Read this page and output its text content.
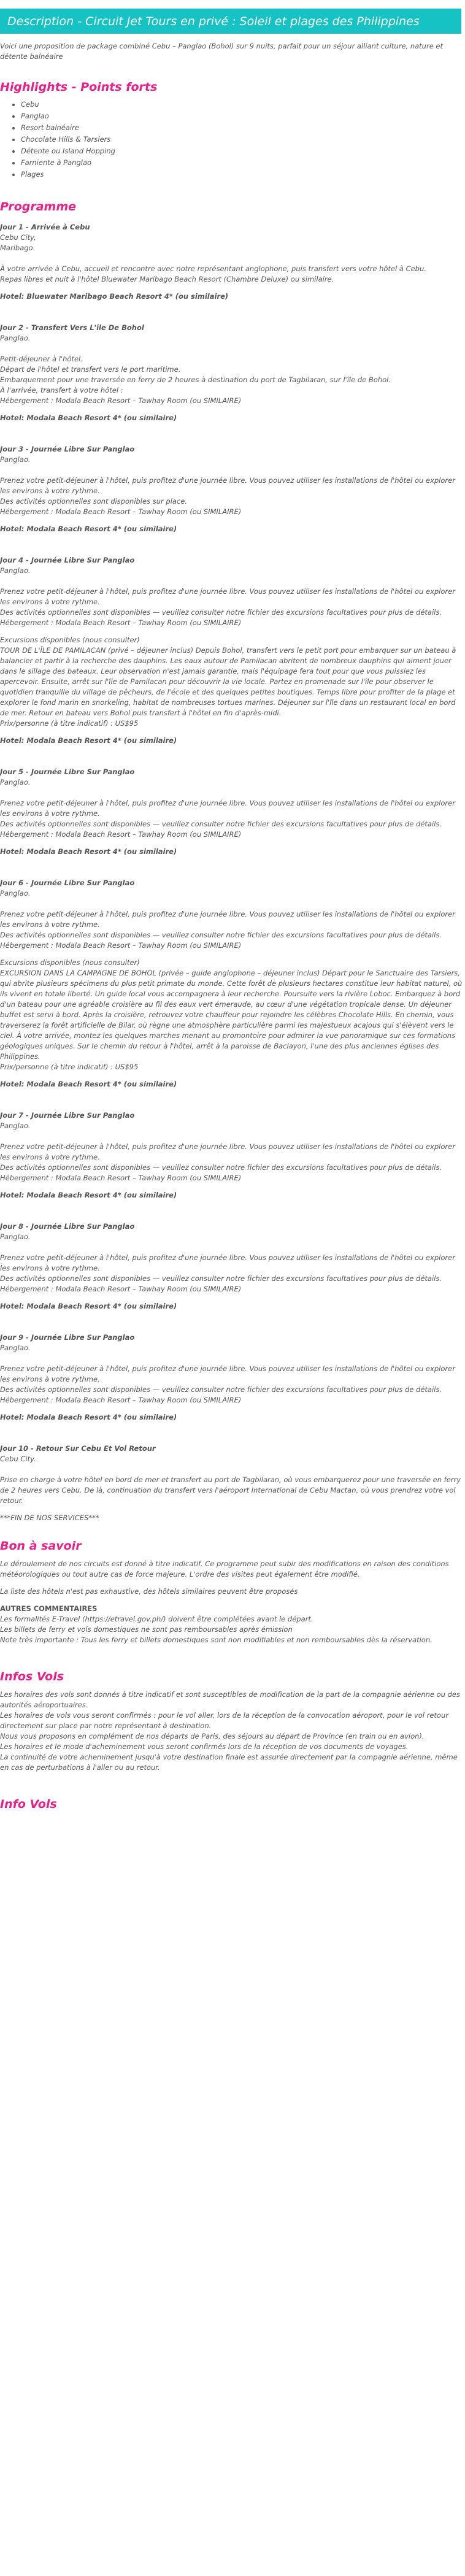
Description - Circuit Jet Tours en privé : Soleil et plages des Philippines

Voici une proposition de package combiné Cebu – Panglao (Bohol) sur 9 nuits, parfait pour un séjour alliant culture, nature et détente balnéaire

Highlights - Points forts
• Cebu
• Panglao
• Resort balnéaire
• Chocolate Hills & Tarsiers
• Détente ou Island Hopping
• Farniente à Panglao
• Plages
Programme

Jour 1 - Arrivée à Cebu

Cebu City,

Maribago.

À votre arrivée à Cebu, accueil et rencontre avec notre représentant anglophone, puis transfert vers votre hôtel à Cebu.

Repas libres et nuit à l'hôtel Bluewater Maribago Beach Resort (Chambre Deluxe) ou similaire.

Hotel: Bluewater Maribago Beach Resort 4* (ou similaire)

Jour 2 - Transfert Vers L'île De Bohol

Panglao.

Petit-déjeuner à l'hôtel.

Départ de l'hôtel et transfert vers le port maritime.

Embarquement pour une traversée en ferry de 2 heures à destination du port de Tagbilaran, sur l'île de Bohol.

À l'arrivée, transfert à votre hôtel :

Hébergement : Modala Beach Resort – Tawhay Room (ou SIMILAIRE)

Hotel: Modala Beach Resort 4* (ou similaire)

Jour 3 - Journée Libre Sur Panglao

Panglao.

Prenez votre petit-déjeuner à l'hôtel, puis profitez d'une journée libre. Vous pouvez utiliser les installations de l'hôtel ou explorer les environs à votre rythme.

Des activités optionnelles sont disponibles sur place.

Hébergement : Modala Beach Resort – Tawhay Room (ou SIMILAIRE)

Hotel: Modala Beach Resort 4* (ou similaire)

Jour 4 - Journée Libre Sur Panglao

Panglao.

Prenez votre petit-déjeuner à l'hôtel, puis profitez d'une journée libre. Vous pouvez utiliser les installations de l'hôtel ou explorer les environs à votre rythme.

Des activités optionnelles sont disponibles — veuillez consulter notre fichier des excursions facultatives pour plus de détails.

Hébergement : Modala Beach Resort – Tawhay Room (ou SIMILAIRE)

Excursions disponibles (nous consulter)

TOUR DE L'ÎLE DE PAMILACAN (privé – déjeuner inclus) Depuis Bohol, transfert vers le petit port pour embarquer sur un bateau à balancier et partir à la recherche des dauphins. Les eaux autour de Pamilacan abritent de nombreux dauphins qui aiment jouer dans le sillage des bateaux. Leur observation n'est jamais garantie, mais l'équipage fera tout pour que vous puissiez les apercevoir. Ensuite, arrêt sur l'île de Pamilacan pour découvrir la vie locale. Partez en promenade sur l'île pour observer le quotidien tranquille du village de pêcheurs, de l'école et des quelques petites boutiques. Temps libre pour profiter de la plage et explorer le fond marin en snorkeling, habitat de nombreuses tortues marines. Déjeuner sur l'île dans un restaurant local en bord de mer. Retour en bateau vers Bohol puis transfert à l'hôtel en fin d'après-midi.

Prix/personne (à titre indicatif) : US$95

Hotel: Modala Beach Resort 4* (ou similaire)

Jour 5 - Journée Libre Sur Panglao

Panglao.

Prenez votre petit-déjeuner à l'hôtel, puis profitez d'une journée libre. Vous pouvez utiliser les installations de l'hôtel ou explorer les environs à votre rythme.

Des activités optionnelles sont disponibles — veuillez consulter notre fichier des excursions facultatives pour plus de détails.

Hébergement : Modala Beach Resort – Tawhay Room (ou SIMILAIRE)

Hotel: Modala Beach Resort 4* (ou similaire)

Jour 6 - Journée Libre Sur Panglao

Panglao.

Prenez votre petit-déjeuner à l'hôtel, puis profitez d'une journée libre. Vous pouvez utiliser les installations de l'hôtel ou explorer les environs à votre rythme.

Des activités optionnelles sont disponibles — veuillez consulter notre fichier des excursions facultatives pour plus de détails.

Hébergement : Modala Beach Resort – Tawhay Room (ou SIMILAIRE)

Excursions disponibles (nous consulter)

EXCURSION DANS LA CAMPAGNE DE BOHOL (privée – guide anglophone – déjeuner inclus) Départ pour le Sanctuaire des Tarsiers, qui abrite plusieurs spécimens du plus petit primate du monde. Cette forêt de plusieurs hectares constitue leur habitat naturel, où ils vivent en totale liberté. Un guide local vous accompagnera à leur recherche. Poursuite vers la rivière Loboc. Embarquez à bord d'un bateau pour une agréable croisière au fil des eaux vert émeraude, au cœur d'une végétation tropicale dense. Un déjeuner buffet est servi à bord. Après la croisière, retrouvez votre chauffeur pour rejoindre les célèbres Chocolate Hills. En chemin, vous traverserez la forêt artificielle de Bilar, où règne une atmosphère particulière parmi les majestueux acajous qui s'élèvent vers le ciel. À votre arrivée, montez les quelques marches menant au promontoire pour admirer la vue panoramique sur ces formations géologiques uniques. Sur le chemin du retour à l'hôtel, arrêt à la paroisse de Baclayon, l'une des plus anciennes églises des Philippines.

Prix/personne (à titre indicatif) : US$95

Hotel: Modala Beach Resort 4* (ou similaire)

Jour 7 - Journée Libre Sur Panglao

Panglao.

Prenez votre petit-déjeuner à l'hôtel, puis profitez d'une journée libre. Vous pouvez utiliser les installations de l'hôtel ou explorer les environs à votre rythme.

Des activités optionnelles sont disponibles — veuillez consulter notre fichier des excursions facultatives pour plus de détails.

Hébergement : Modala Beach Resort – Tawhay Room (ou SIMILAIRE)

Hotel: Modala Beach Resort 4* (ou similaire)

Jour 8 - Journée Libre Sur Panglao

Panglao.

Prenez votre petit-déjeuner à l'hôtel, puis profitez d'une journée libre. Vous pouvez utiliser les installations de l'hôtel ou explorer les environs à votre rythme.

Des activités optionnelles sont disponibles — veuillez consulter notre fichier des excursions facultatives pour plus de détails.

Hébergement : Modala Beach Resort – Tawhay Room (ou SIMILAIRE)

Hotel: Modala Beach Resort 4* (ou similaire)

Jour 9 - Journée Libre Sur Panglao

Panglao.

Prenez votre petit-déjeuner à l'hôtel, puis profitez d'une journée libre. Vous pouvez utiliser les installations de l'hôtel ou explorer les environs à votre rythme.

Des activités optionnelles sont disponibles — veuillez consulter notre fichier des excursions facultatives pour plus de détails.

Hébergement : Modala Beach Resort – Tawhay Room (ou SIMILAIRE)

Hotel: Modala Beach Resort 4* (ou similaire)

Jour 10 - Retour Sur Cebu Et Vol Retour

Cebu City.

Prise en charge à votre hôtel en bord de mer et transfert au port de Tagbilaran, où vous embarquerez pour une traversée en ferry de 2 heures vers Cebu. De là, continuation du transfert vers l'aéroport International de Cebu Mactan, où vous prendrez votre vol retour.

***FIN DE NOS SERVICES***

Bon à savoir

Le déroulement de nos circuits est donné à titre indicatif. Ce programme peut subir des modifications en raison des conditions météorologiques ou tout autre cas de force majeure. L'ordre des visites peut également être modifié.

La liste des hôtels n'est pas exhaustive, des hôtels similaires peuvent être proposés

AUTRES COMMENTAIRES

Les formalités E-Travel (https://etravel.gov.ph/) doivent être complétées avant le départ.

Les billets de ferry et vols domestiques ne sont pas remboursables après émission

Note très importante : Tous les ferry et billets domestiques sont non modifiables et non remboursables dès la réservation.

Infos Vols

Les horaires des vols sont donnés à titre indicatif et sont susceptibles de modification de la part de la compagnie aérienne ou des autorités aéroportuaires.

Les horaires de vols vous seront confirmés : pour le vol aller, lors de la réception de la convocation aéroport, pour le vol retour directement sur place par notre représentant à destination.

Nous vous proposons en complément de nos départs de Paris, des séjours au départ de Province (en train ou en avion).

Les horaires et le mode d'acheminement vous seront confirmés lors de la réception de vos documents de voyages.

La continuité de votre acheminement jusqu'à votre destination finale est assurée directement par la compagnie aérienne, même en cas de perturbations à l'aller ou au retour.

Info Vols
